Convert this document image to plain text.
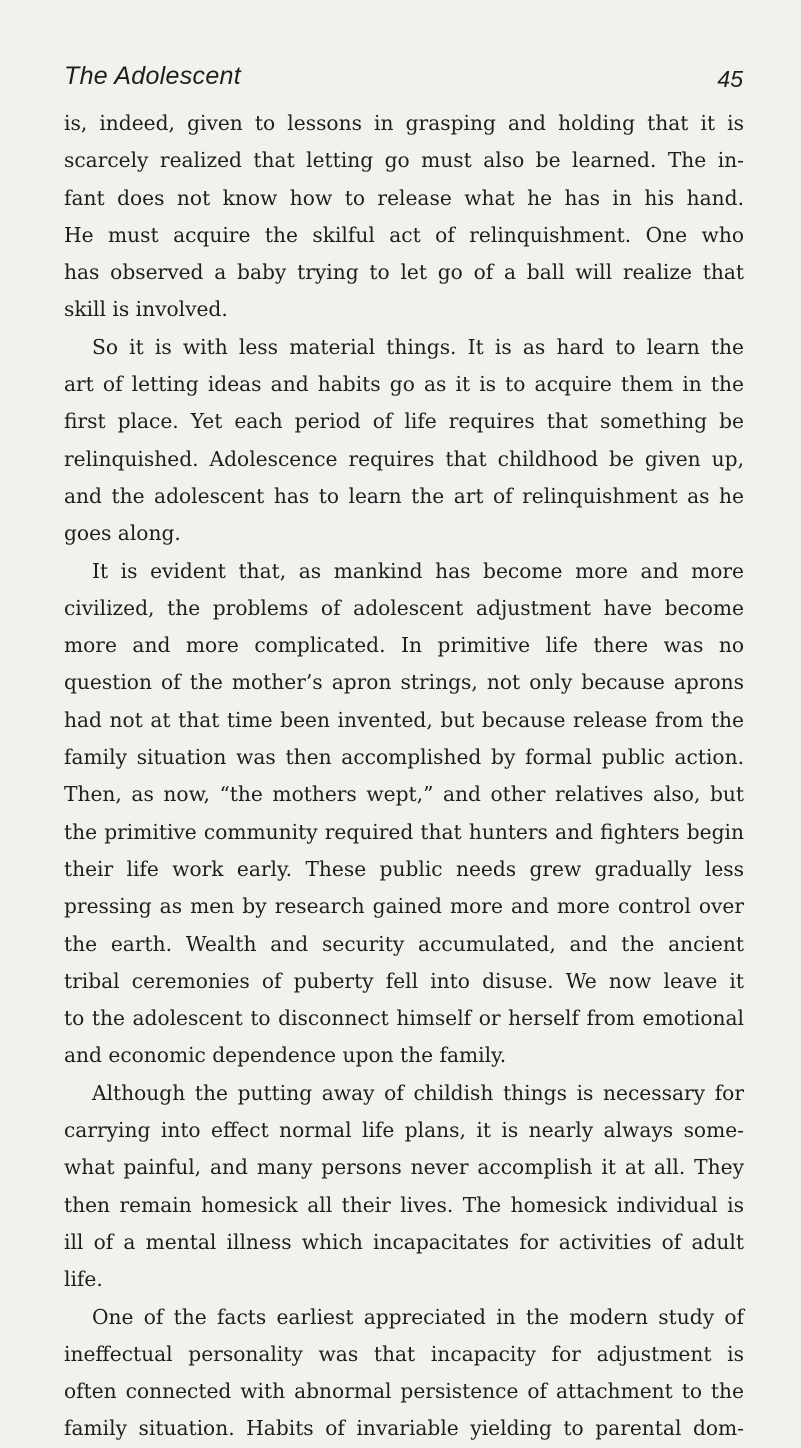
The Adolescent	45
is, indeed, given to lessons in grasping and holding that it is
scarcely realized that letting go must also be learned. The in-
fant does not know how to release what he has in his hand.
He must acquire the skilful act of relinquishment. One who
has observed a baby trying to let go of a ball will realize that
skill is involved.
So it is with less material things. It is as hard to learn the
art of letting ideas and habits go as it is to acquire them in the
first place. Yet each period of life requires that something be
relinquished. Adolescence requires that childhood be given up,
and the adolescent has to learn the art of relinquishment as he
goes along.
It is evident that, as mankind has become more and more
civilized, the problems of adolescent adjustment have become
more and more complicated. In primitive life there was no
question of the mother’s apron strings, not only because aprons
had not at that time been invented, but because release from the
family situation was then accomplished by formal public action.
Then, as now, “the mothers wept,” and other relatives also, but
the primitive community required that hunters and fighters begin
their life work early. These public needs grew gradually less
pressing as men by research gained more and more control over
the earth. Wealth and security accumulated, and the ancient
tribal ceremonies of puberty fell into disuse. We now leave it
to the adolescent to disconnect himself or herself from emotional
and economic dependence upon the family.
Although the putting away of childish things is necessary for
carrying into effect normal life plans, it is nearly always some-
what painful, and many persons never accomplish it at all. They
then remain homesick all their lives. The homesick individual is
ill of a mental illness which incapacitates for activities of adult
life.
One of the facts earliest appreciated in the modern study of
ineffectual personality was that incapacity for adjustment is
often connected with abnormal persistence of attachment to the
family situation. Habits of invariable yielding to parental dom-
